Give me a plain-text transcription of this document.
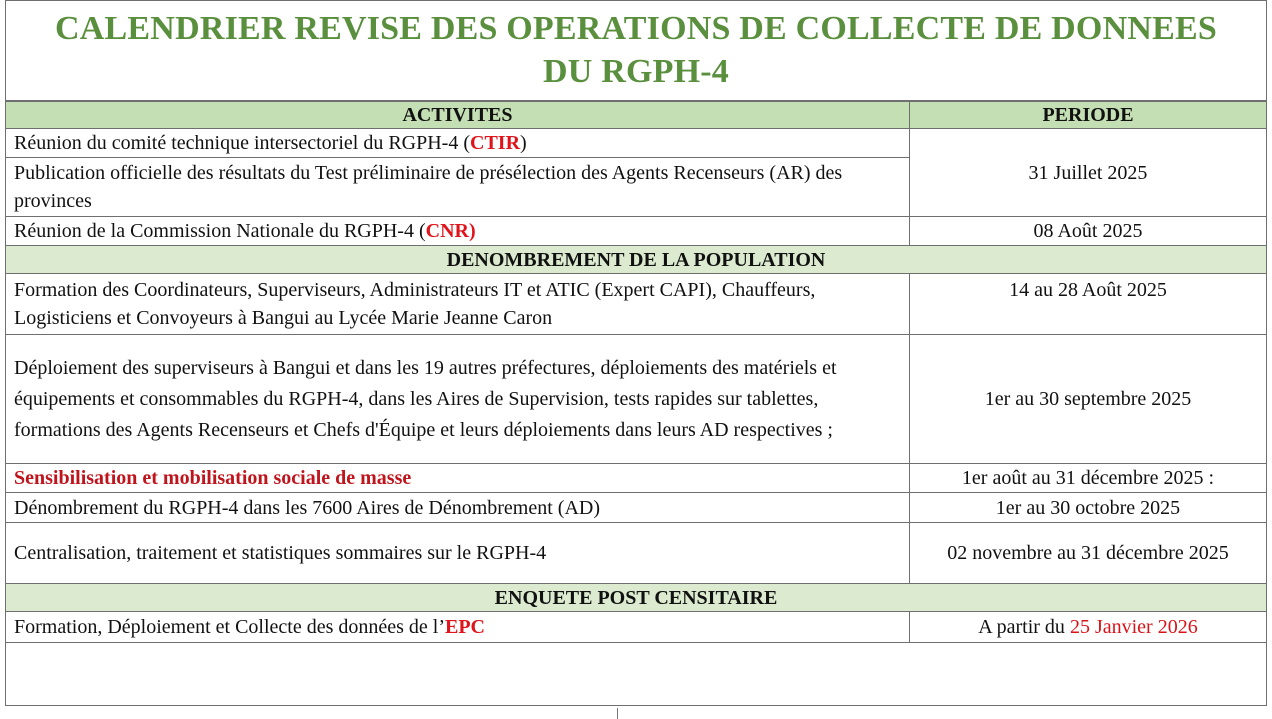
CALENDRIER REVISE DES OPERATIONS DE COLLECTE DE DONNEES
DU RGPH-4
ACTIVITES	PERIODE
Réunion du comité technique intersectoriel du RGPH-4 (CTIR)	31 Juillet 2025
Publication officielle des résultats du Test préliminaire de présélection des Agents Recenseurs (AR) des provinces	
Réunion de la Commission Nationale du RGPH-4 (CNR)	08 Août 2025
DENOMBREMENT DE LA POPULATION	
Formation des Coordinateurs, Superviseurs, Administrateurs IT et ATIC (Expert CAPI), Chauffeurs, Logisticiens et Convoyeurs à Bangui au Lycée Marie Jeanne Caron	14 au 28 Août 2025
Déploiement des superviseurs à Bangui et dans les 19 autres préfectures, déploiements des matériels et équipements et consommables du RGPH-4, dans les Aires de Supervision, tests rapides sur tablettes, formations des Agents Recenseurs et Chefs d'Équipe et leurs déploiements dans leurs AD respectives ;	1er au 30 septembre 2025
Sensibilisation et mobilisation sociale de masse	1er août au 31 décembre 2025 :
Dénombrement du RGPH-4 dans les 7600 Aires de Dénombrement (AD)	1er au 30 octobre 2025
Centralisation, traitement et statistiques sommaires sur le RGPH-4	02 novembre au 31 décembre 2025
ENQUETE POST CENSITAIRE	
Formation, Déploiement et Collecte des données de l’EPC	A partir du 25 Janvier 2026
